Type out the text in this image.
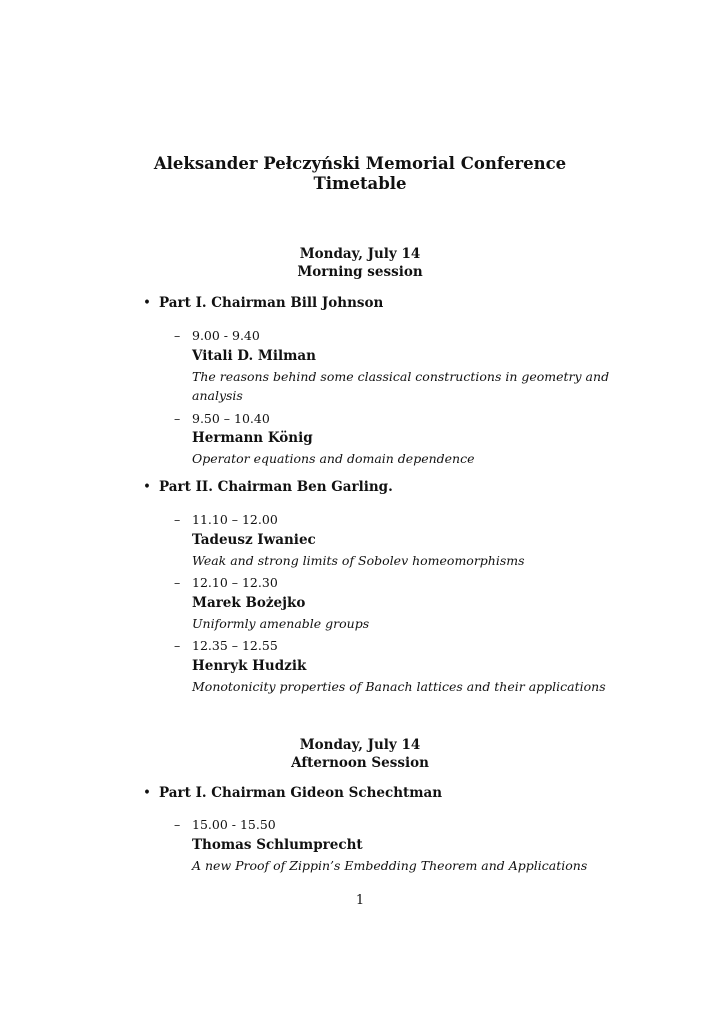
Aleksander Pełczyński Memorial Conference
Timetable
Monday, July 14
Morning session
• Part I. Chairman Bill Johnson
– 9.00 - 9.40
Vitali D. Milman
The reasons behind some classical constructions in geometry and analysis
– 9.50 – 10.40
Hermann König
Operator equations and domain dependence
• Part II. Chairman Ben Garling.
– 11.10 – 12.00
Tadeusz Iwaniec
Weak and strong limits of Sobolev homeomorphisms
– 12.10 – 12.30
Marek Bożejko
Uniformly amenable groups
– 12.35 – 12.55
Henryk Hudzik
Monotonicity properties of Banach lattices and their applications
Monday, July 14
Afternoon Session
• Part I. Chairman Gideon Schechtman
– 15.00 - 15.50
Thomas Schlumprecht
A new Proof of Zippin’s Embedding Theorem and Applications
1
